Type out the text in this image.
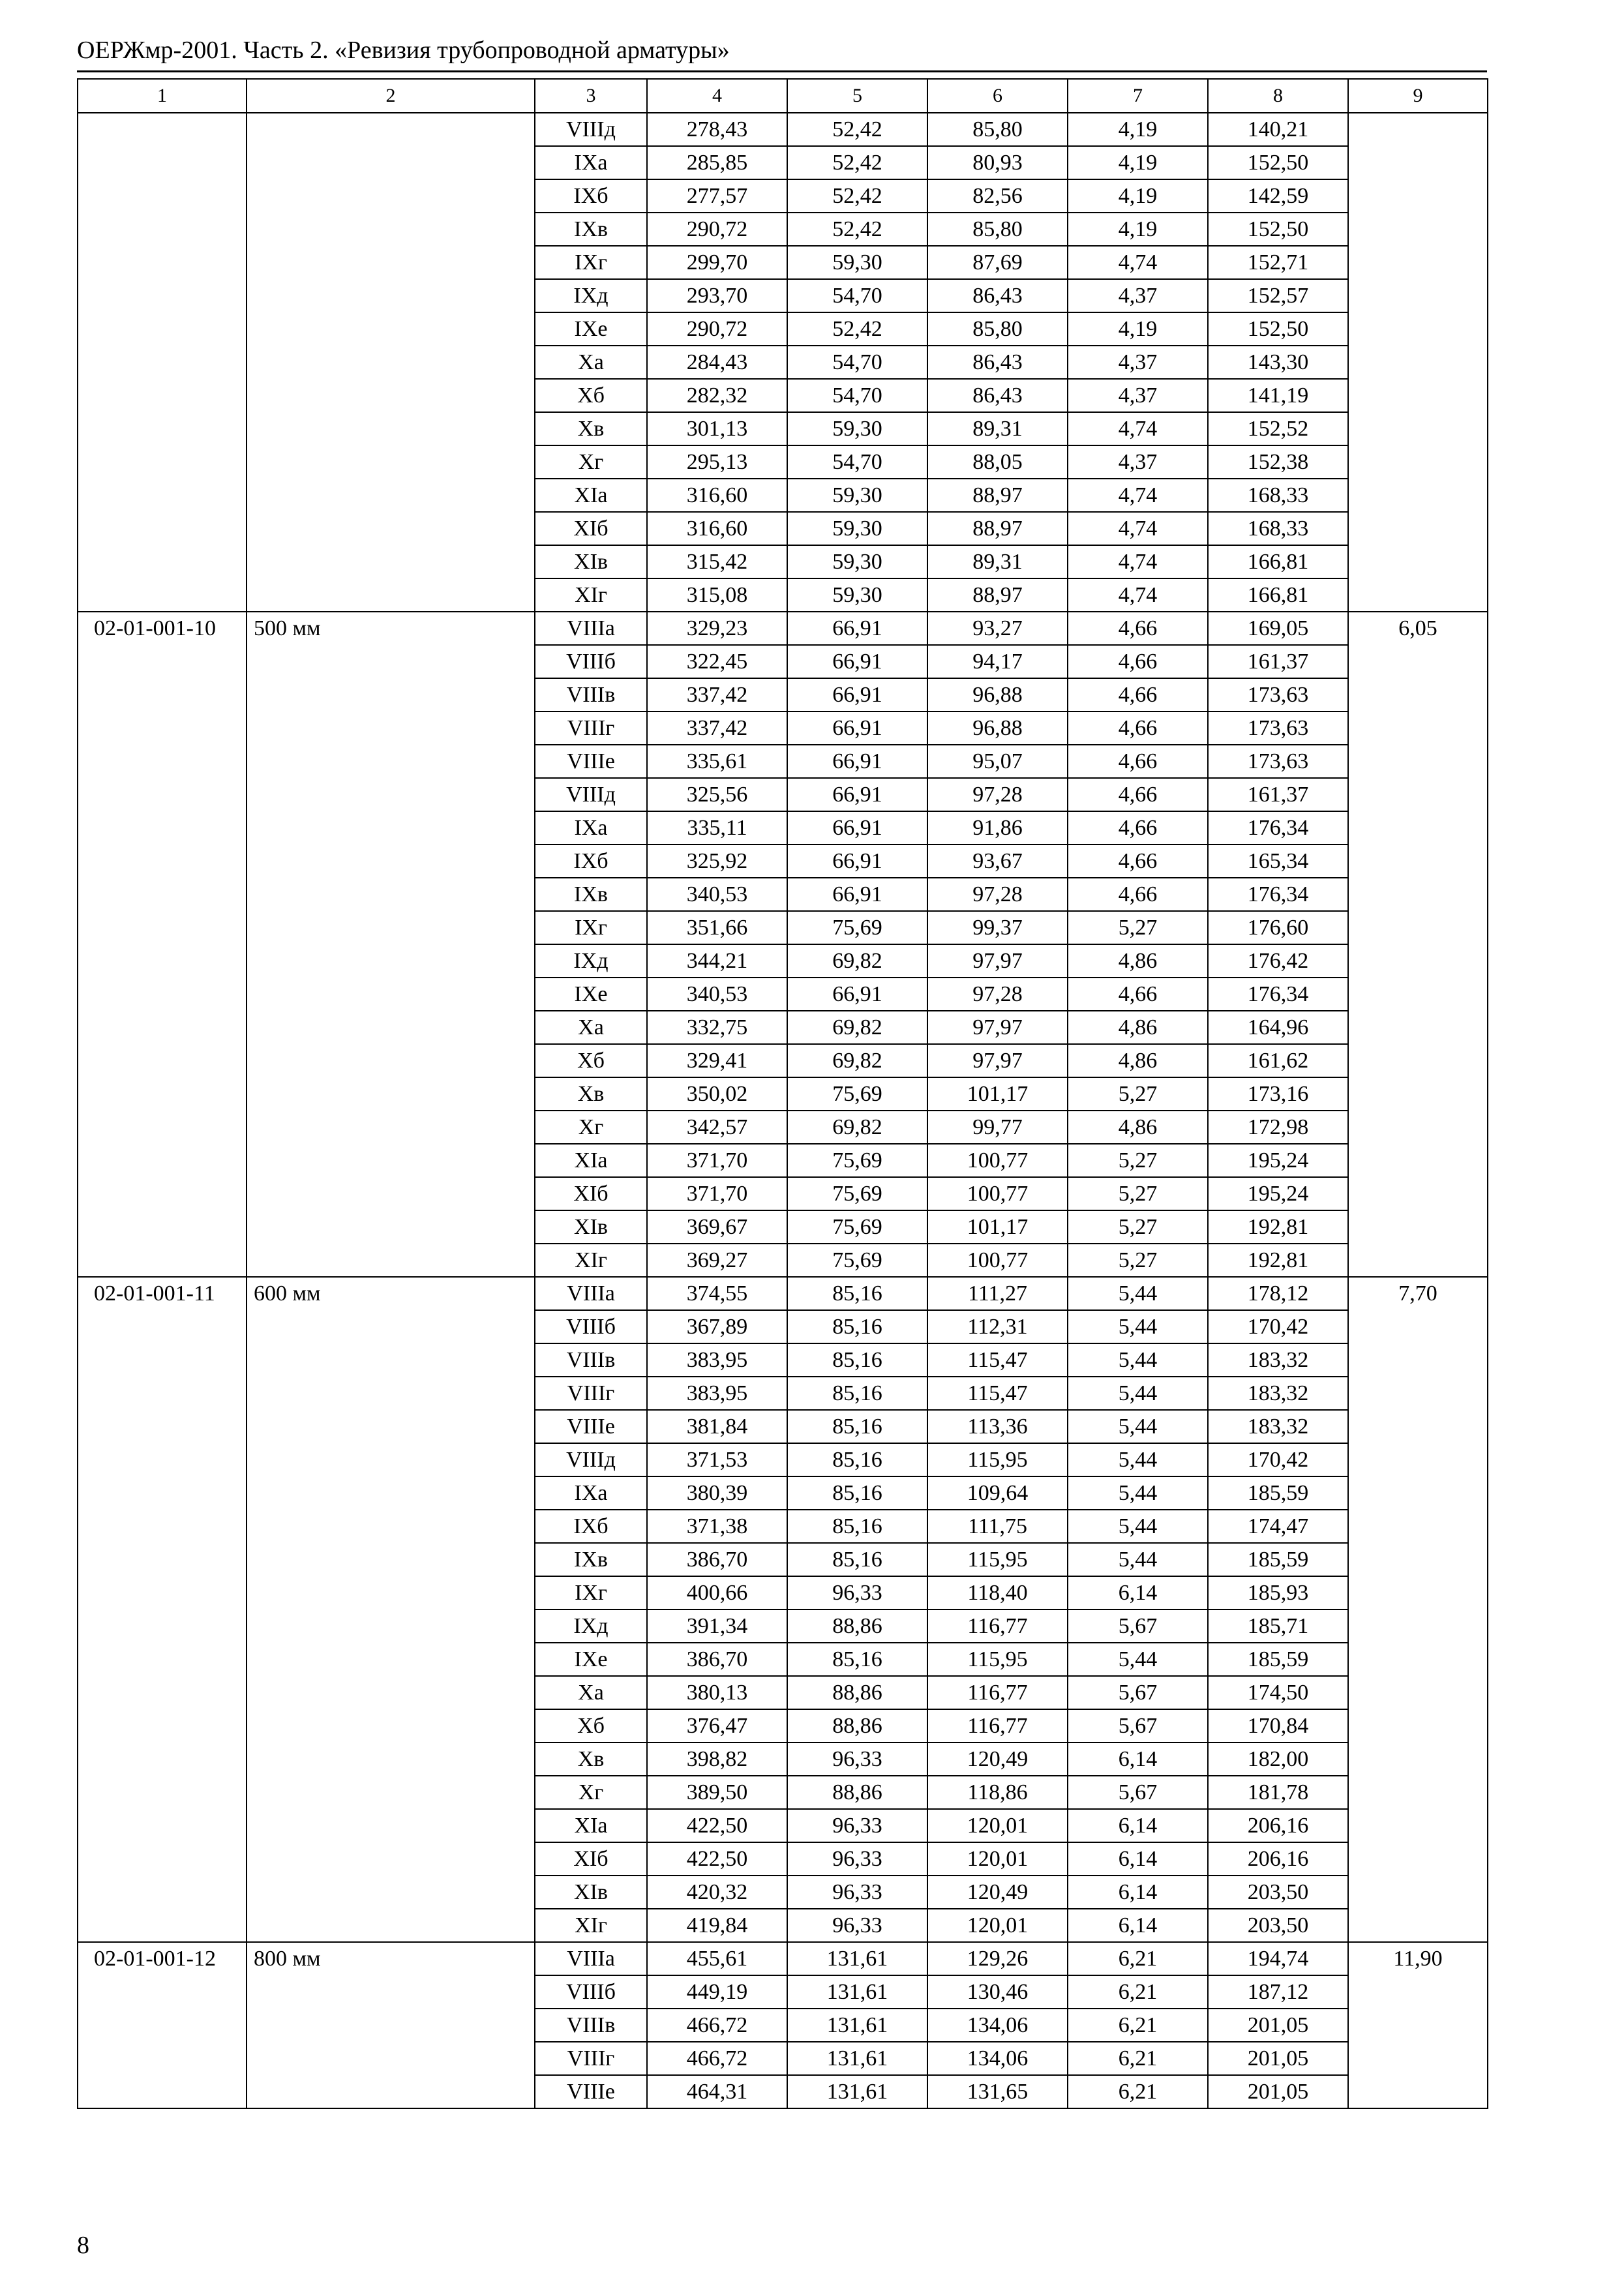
ОЕРЖмр-2001. Часть 2. «Ревизия трубопроводной арматуры»
1	2	3	4	5	6	7	8	9
		VIIIд	278,43	52,42	85,80	4,19	140,21	
		IXа	285,85	52,42	80,93	4,19	152,50	
		IXб	277,57	52,42	82,56	4,19	142,59	
		IXв	290,72	52,42	85,80	4,19	152,50	
		IXг	299,70	59,30	87,69	4,74	152,71	
		IXд	293,70	54,70	86,43	4,37	152,57	
		IXе	290,72	52,42	85,80	4,19	152,50	
		Xа	284,43	54,70	86,43	4,37	143,30	
		Xб	282,32	54,70	86,43	4,37	141,19	
		Xв	301,13	59,30	89,31	4,74	152,52	
		Xг	295,13	54,70	88,05	4,37	152,38	
		XIа	316,60	59,30	88,97	4,74	168,33	
		XIб	316,60	59,30	88,97	4,74	168,33	
		XIв	315,42	59,30	89,31	4,74	166,81	
		XIг	315,08	59,30	88,97	4,74	166,81	
02-01-001-10	500 мм	VIIIа	329,23	66,91	93,27	4,66	169,05	6,05
		VIIIб	322,45	66,91	94,17	4,66	161,37	
		VIIIв	337,42	66,91	96,88	4,66	173,63	
		VIIIг	337,42	66,91	96,88	4,66	173,63	
		VIIIе	335,61	66,91	95,07	4,66	173,63	
		VIIIд	325,56	66,91	97,28	4,66	161,37	
		IXа	335,11	66,91	91,86	4,66	176,34	
		IXб	325,92	66,91	93,67	4,66	165,34	
		IXв	340,53	66,91	97,28	4,66	176,34	
		IXг	351,66	75,69	99,37	5,27	176,60	
		IXд	344,21	69,82	97,97	4,86	176,42	
		IXе	340,53	66,91	97,28	4,66	176,34	
		Xа	332,75	69,82	97,97	4,86	164,96	
		Xб	329,41	69,82	97,97	4,86	161,62	
		Xв	350,02	75,69	101,17	5,27	173,16	
		Xг	342,57	69,82	99,77	4,86	172,98	
		XIа	371,70	75,69	100,77	5,27	195,24	
		XIб	371,70	75,69	100,77	5,27	195,24	
		XIв	369,67	75,69	101,17	5,27	192,81	
		XIг	369,27	75,69	100,77	5,27	192,81	
02-01-001-11	600 мм	VIIIа	374,55	85,16	111,27	5,44	178,12	7,70
		VIIIб	367,89	85,16	112,31	5,44	170,42	
		VIIIв	383,95	85,16	115,47	5,44	183,32	
		VIIIг	383,95	85,16	115,47	5,44	183,32	
		VIIIе	381,84	85,16	113,36	5,44	183,32	
		VIIIд	371,53	85,16	115,95	5,44	170,42	
		IXа	380,39	85,16	109,64	5,44	185,59	
		IXб	371,38	85,16	111,75	5,44	174,47	
		IXв	386,70	85,16	115,95	5,44	185,59	
		IXг	400,66	96,33	118,40	6,14	185,93	
		IXд	391,34	88,86	116,77	5,67	185,71	
		IXе	386,70	85,16	115,95	5,44	185,59	
		Xа	380,13	88,86	116,77	5,67	174,50	
		Xб	376,47	88,86	116,77	5,67	170,84	
		Xв	398,82	96,33	120,49	6,14	182,00	
		Xг	389,50	88,86	118,86	5,67	181,78	
		XIа	422,50	96,33	120,01	6,14	206,16	
		XIб	422,50	96,33	120,01	6,14	206,16	
		XIв	420,32	96,33	120,49	6,14	203,50	
		XIг	419,84	96,33	120,01	6,14	203,50	
02-01-001-12	800 мм	VIIIа	455,61	131,61	129,26	6,21	194,74	11,90
		VIIIб	449,19	131,61	130,46	6,21	187,12	
		VIIIв	466,72	131,61	134,06	6,21	201,05	
		VIIIг	466,72	131,61	134,06	6,21	201,05	
		VIIIе	464,31	131,61	131,65	6,21	201,05	
8
